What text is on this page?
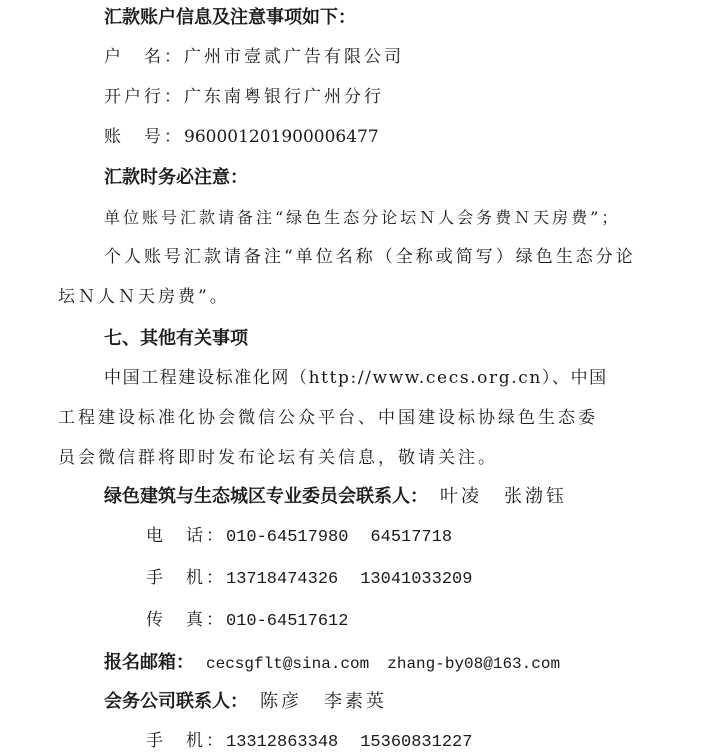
汇款账户信息及注意事项如下：
户　名：广州市壹贰广告有限公司
开户行：广东南粤银行广州分行
账　号：960001201900006477
汇款时务必注意：
单位账号汇款请备注“绿色生态分论坛Ｎ人会务费Ｎ天房费”；
个人账号汇款请备注“单位名称（全称或简写）绿色生态分论
坛Ｎ人Ｎ天房费”。
七、其他有关事项
中国工程建设标准化网（http://www.cecs.org.cn）、中国
工程建设标准化协会微信公众平台、中国建设标协绿色生态委
员会微信群将即时发布论坛有关信息，敬请关注。
绿色建筑与生态城区专业委员会联系人： 叶凌 张渤钰
电　话：010-64517980 64517718
手　机：13718474326 13041033209
传　真：010-64517612
报名邮箱： cecsgflt@sina.com zhang-by08@163.com
会务公司联系人： 陈彦 李素英
手　机：13312863348 15360831227
